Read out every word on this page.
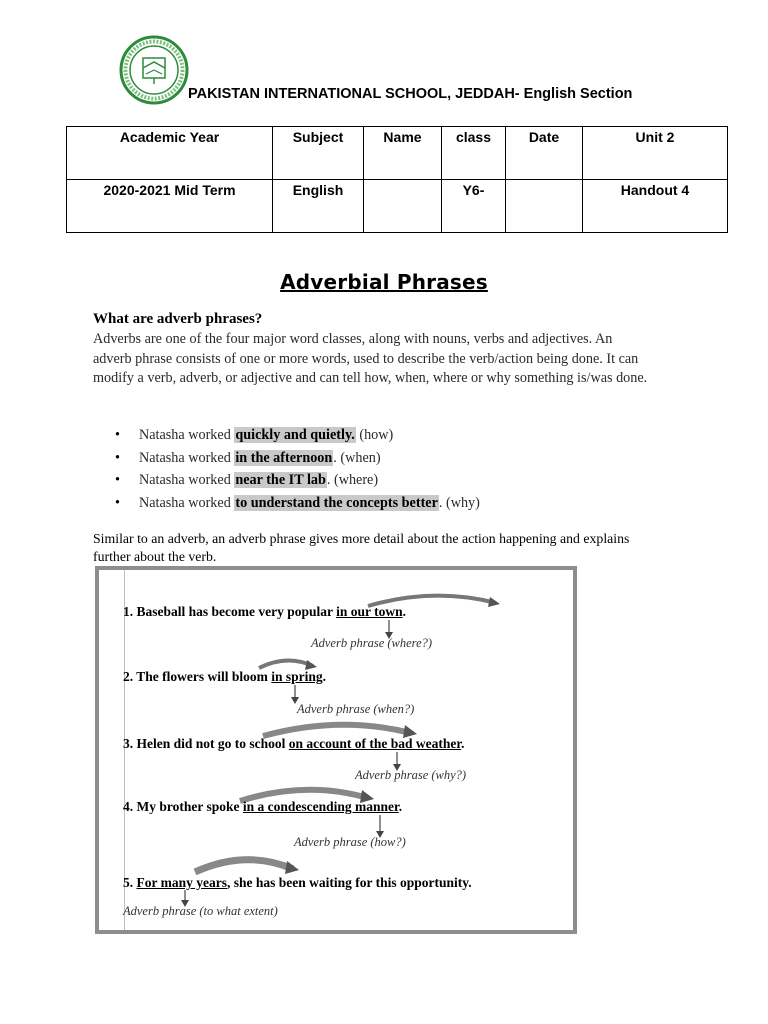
PAKISTAN INTERNATIONAL SCHOOL, JEDDAH- English Section
Academic Year	Subject	Name	class	Date	Unit 2
2020-2021 Mid Term	English		Y6-		Handout 4
Adverbial Phrases
What are adverb phrases?
Adverbs are one of the four major word classes, along with nouns, verbs and adjectives. An adverb phrase consists of one or more words, used to describe the verb/action being done. It can modify a verb, adverb, or adjective and can tell how, when, where or why something is/was done.
• Natasha worked quickly and quietly. (how)
• Natasha worked in the afternoon. (when)
• Natasha worked near the IT lab. (where)
• Natasha worked to understand the concepts better. (why)
Similar to an adverb, an adverb phrase gives more detail about the action happening and explains further about the verb.
1. Baseball has become very popular in our town.
Adverb phrase (where?)
2. The flowers will bloom in spring.
Adverb phrase (when?)
3. Helen did not go to school on account of the bad weather.
Adverb phrase (why?)
4. My brother spoke in a condescending manner.
Adverb phrase (how?)
5. For many years, she has been waiting for this opportunity.
Adverb phrase (to what extent)
